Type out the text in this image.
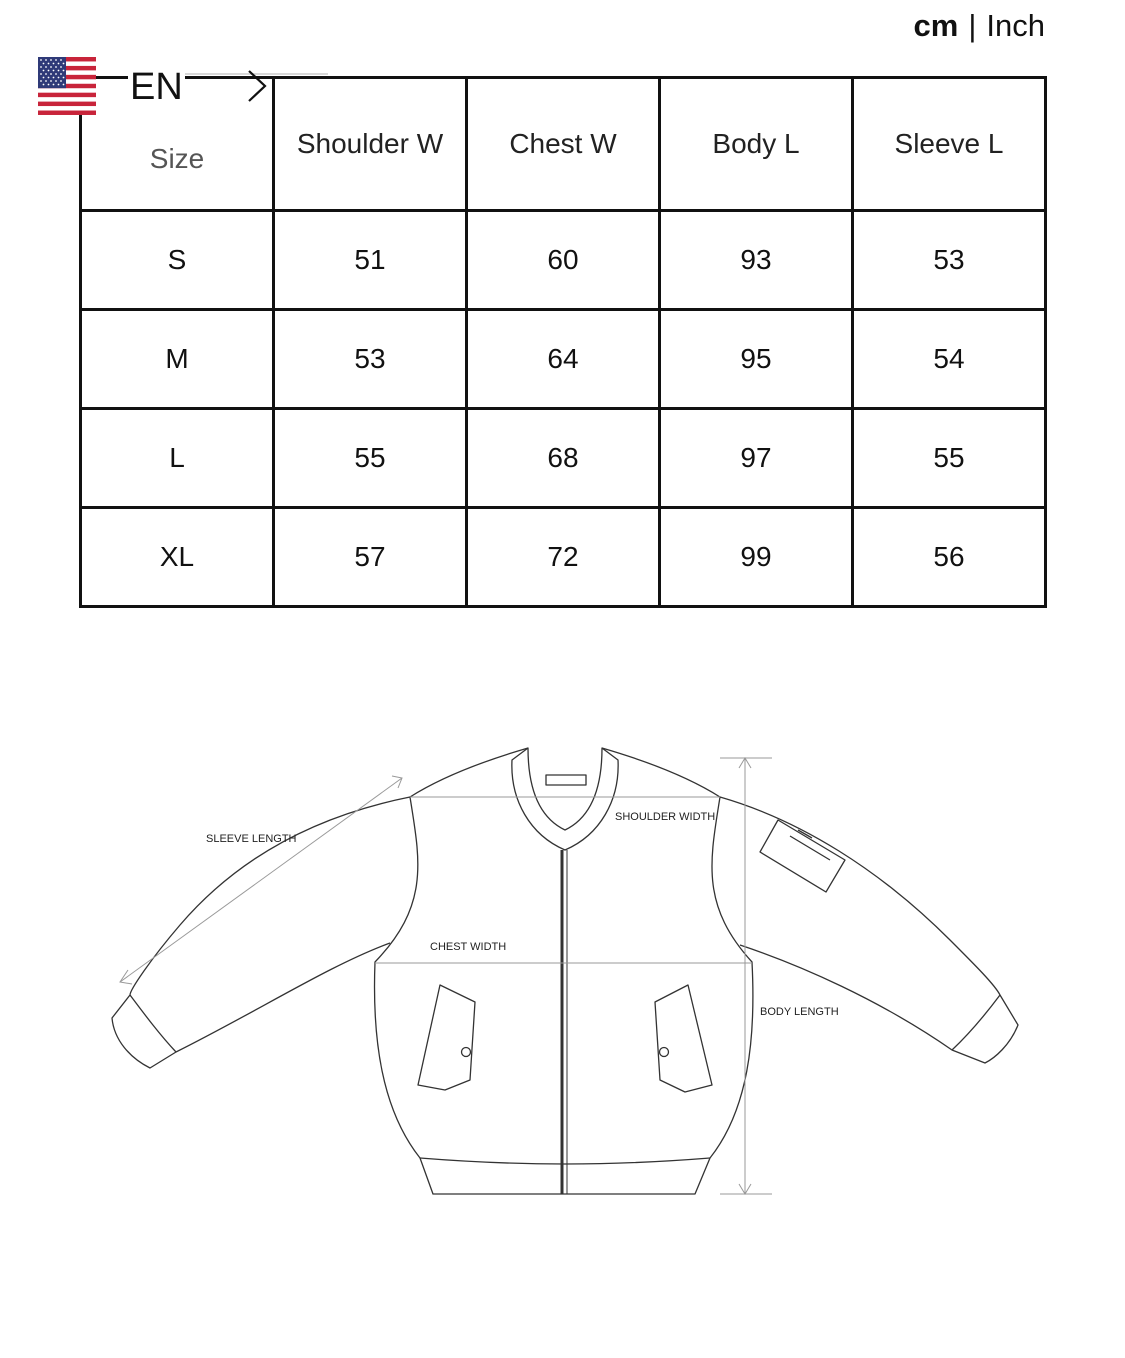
cm | Inch
Size	Shoulder W	Chest W	Body L	Sleeve L
S	51	60	93	53
M	53	64	95	54
L	55	68	97	55
XL	57	72	99	56
EN
SLEEVE LENGTH
SHOULDER WIDTH
CHEST WIDTH
BODY LENGTH
